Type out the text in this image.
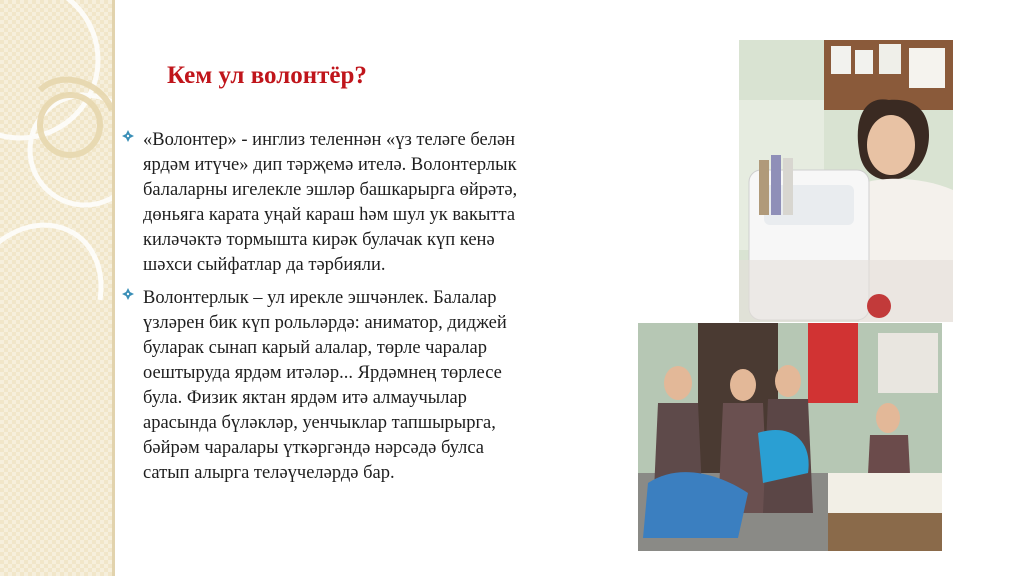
Кем ул волонтёр?
«Волонтер» - инглиз теленнән «үз теләге белән
ярдәм итүче» дип тәрҗемә ителә. Волонтерлык
балаларны игелекле эшләр башкарырга өйрәтә,
дөньяга карата уңай караш һәм шул ук вакытта
киләчәктә тормышта кирәк булачак күп кенә
шәхси сыйфатлар да тәрбияли.
Волонтерлык – ул ирекле эшчәнлек. Балалар
үзләрен бик күп рольләрдә: аниматор, диджей
буларак сынап карый алалар, төрле чаралар
оештыруда ярдәм итәләр... Ярдәмнең төрлесе
була. Физик яктан ярдәм итә алмаучылар
арасында бүләкләр, уенчыклар тапшырырга,
бәйрәм чаралары үткәргәндә нәрсәдә булса
сатып алырга теләүчеләрдә бар.
